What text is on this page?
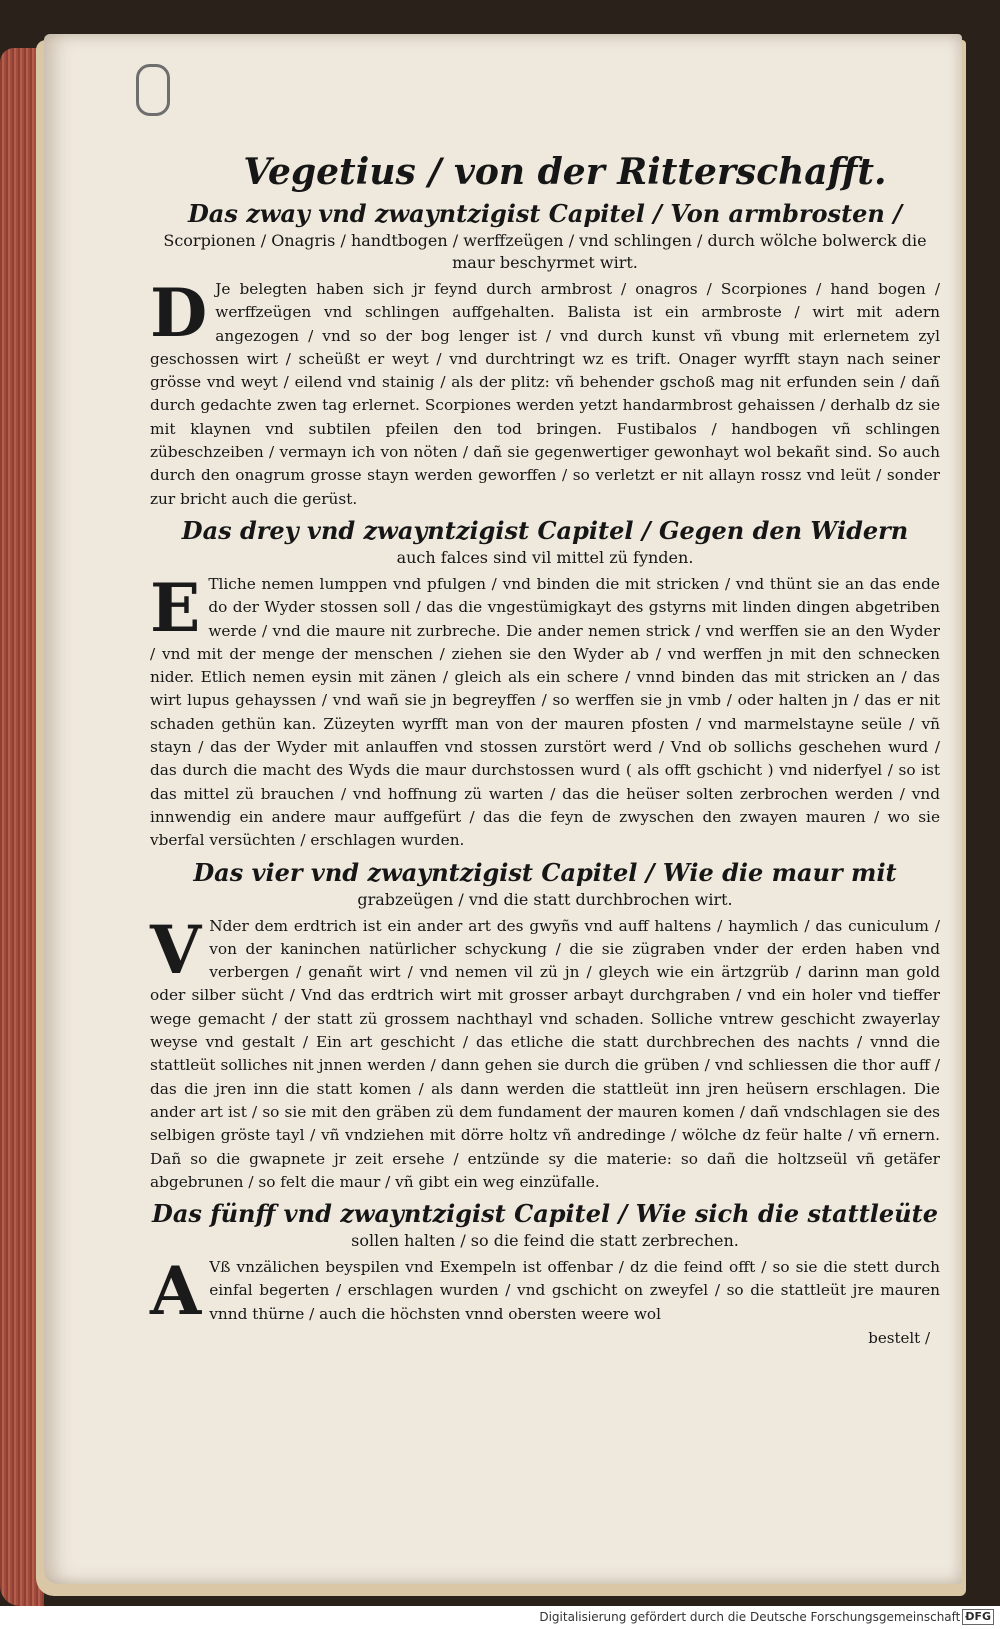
Vegetius / von der Ritterschafft.
Das zway vnd zwayntzigist Capitel / Von armbrosten /
Scorpionen / Onagris / handtbogen / werffzeügen / vnd schlingen / durch wölche bolwerck die maur beschyrmet wirt.

D Je belegten haben sich jr feynd durch armbrost / onagros / Scorpiones / hand bogen / werffzeügen vnd schlingen auffgehalten. Balista ist ein armbroste / wirt mit adern angezogen / vnd so der bog lenger ist / vnd durch kunst vñ vbung mit erlernetem zyl geschossen wirt / scheüßt er weyt / vnd durchtringt wz es trift. Onager wyrfft stayn nach seiner grösse vnd weyt / eilend vnd stainig / als der plitz: vñ behender gschoß mag nit erfunden sein / dañ durch gedachte zwen tag erlernet. Scorpiones werden yetzt handarmbrost gehaissen / derhalb dz sie mit klaynen vnd subtilen pfeilen den tod bringen. Fustibalos / handbogen vñ schlingen zübeschzeiben / vermayn ich von nöten / dañ sie gegenwertiger gewonhayt wol bekañt sind. So auch durch den onagrum grosse stayn werden geworffen / so verletzt er nit allayn rossz vnd leüt / sonder zur bricht auch die gerüst.

Das drey vnd zwayntzigist Capitel / Gegen den Widern
auch falces sind vil mittel zü fynden.

E Tliche nemen lumppen vnd pfulgen / vnd binden die mit stricken / vnd thünt sie an das ende do der Wyder stossen soll / das die vngestümigkayt des gstyrns mit linden dingen abgetriben werde / vnd die maure nit zurbreche. Die ander nemen strick / vnd werffen sie an den Wyder / vnd mit der menge der menschen / ziehen sie den Wyder ab / vnd werffen jn mit den schnecken nider. Etlich nemen eysin mit zänen / gleich als ein schere / vnnd binden das mit stricken an / das wirt lupus gehayssen / vnd wañ sie jn begreyffen / so werffen sie jn vmb / oder halten jn / das er nit schaden gethün kan. Züzeyten wyrfft man von der mauren pfosten / vnd marmelstayne seüle / vñ stayn / das der Wyder mit anlauffen vnd stossen zurstört werd / Vnd ob sollichs geschehen wurd / das durch die macht des Wyds die maur durchstossen wurd ( als offt gschicht ) vnd niderfyel / so ist das mittel zü brauchen / vnd hoffnung zü warten / das die heüser solten zerbrochen werden / vnd innwendig ein andere maur auffgefürt / das die feyn de zwyschen den zwayen mauren / wo sie vberfal versüchten / erschlagen wurden.

Das vier vnd zwayntzigist Capitel / Wie die maur mit
grabzeügen / vnd die statt durchbrochen wirt.

V Nder dem erdtrich ist ein ander art des gwyñs vnd auff haltens / haymlich / das cuniculum / von der kaninchen natürlicher schyckung / die sie zügraben vnder der erden haben vnd verbergen / genañt wirt / vnd nemen vil zü jn / gleych wie ein ärtzgrüb / darinn man gold oder silber sücht / Vnd das erdtrich wirt mit grosser arbayt durchgraben / vnd ein holer vnd tieffer wege gemacht / der statt zü grossem nachthayl vnd schaden. Solliche vntrew geschicht zwayerlay weyse vnd gestalt / Ein art geschicht / das etliche die statt durchbrechen des nachts / vnnd die stattleüt solliches nit jnnen werden / dann gehen sie durch die grüben / vnd schliessen die thor auff / das die jren inn die statt komen / als dann werden die stattleüt inn jren heüsern erschlagen. Die ander art ist / so sie mit den gräben zü dem fundament der mauren komen / dañ vndschlagen sie des selbigen gröste tayl / vñ vndziehen mit dörre holtz vñ andredinge / wölche dz feür halte / vñ ernern. Dañ so die gwapnete jr zeit ersehe / entzünde sy die materie: so dañ die holtzseül vñ getäfer abgebrunen / so felt die maur / vñ gibt ein weg einzüfalle.

Das fünff vnd zwayntzigist Capitel / Wie sich die stattleüte
sollen halten / so die feind die statt zerbrechen.

A Vß vnzälichen beyspilen vnd Exempeln ist offenbar / dz die feind offt / so sie die stett durch einfal begerten / erschlagen wurden / vnd gschicht on zweyfel / so die stattleüt jre mauren vnnd thürne / auch die höchsten vnnd obersten weere wol

bestelt /
Digitalisierung gefördert durch die Deutsche Forschungsgemeinschaft ·
DFG
